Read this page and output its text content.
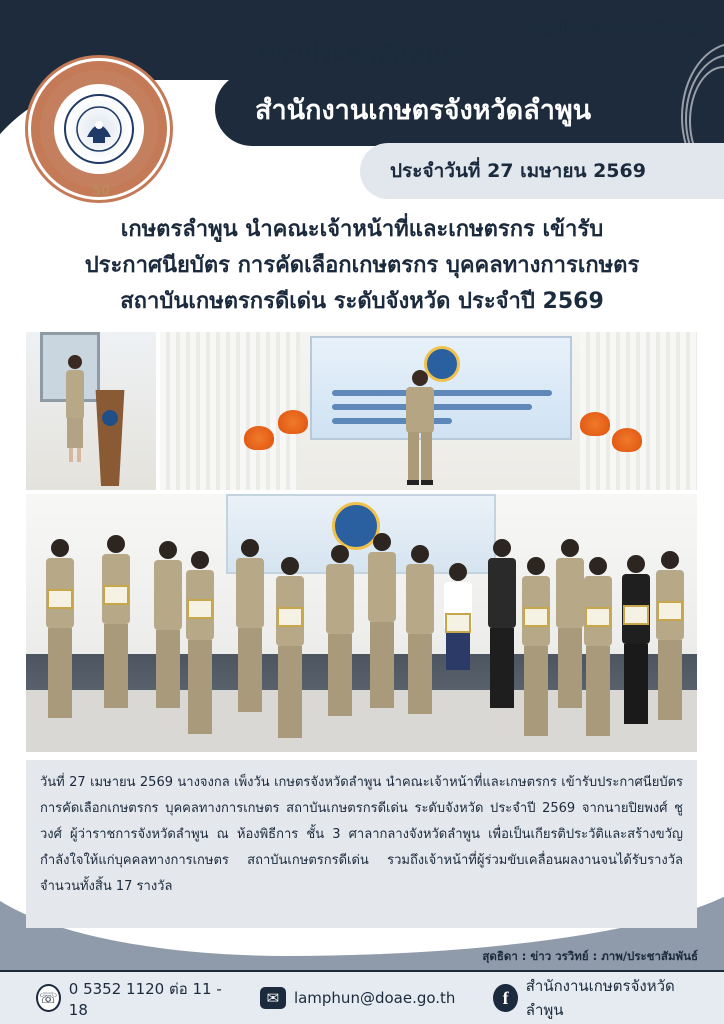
#ลำพูนไม่ลำพังรวมพลังเพื่อลำพูน
ข่าวประชาสัมพันธ์
สำนักงานเกษตรจังหวัดลำพูน
ประจำวันที่ 27 เมษายน 2569
50
เกษตรลำพูน นำคณะเจ้าหน้าที่และเกษตรกร เข้ารับ
ประกาศนียบัตร การคัดเลือกเกษตรกร บุคคลทางการเกษตร
สถาบันเกษตรกรดีเด่น ระดับจังหวัด ประจำปี 2569

วันที่ 27 เมษายน 2569 นางจงกล เพ็งวัน เกษตรจังหวัดลำพูน นำคณะเจ้าหน้าที่และเกษตรกร เข้ารับประกาศนียบัตร การคัดเลือกเกษตรกร บุคคลทางการเกษตร สถาบันเกษตรกรดีเด่น ระดับจังหวัด ประจำปี 2569 จากนายปิยพงศ์ ชูวงศ์ ผู้ว่าราชการจังหวัดลำพูน ณ ห้องพิธีการ ชั้น 3 ศาลากลางจังหวัดลำพูน เพื่อเป็นเกียรติประวัติและสร้างขวัญกำลังใจให้แก่บุคคลทางการเกษตร สถาบันเกษตรกรดีเด่น รวมถึงเจ้าหน้าที่ผู้ร่วมขับเคลื่อนผลงานจนได้รับรางวัล จำนวนทั้งสิ้น 17 รางวัล

สุดธิดา : ข่าว วรวิทย์ : ภาพ/ประชาสัมพันธ์
☏ 0 5352 1120 ต่อ 11 - 18
✉ lamphun@doae.go.th	f
สำนักงานเกษตรจังหวัดลำพูน
